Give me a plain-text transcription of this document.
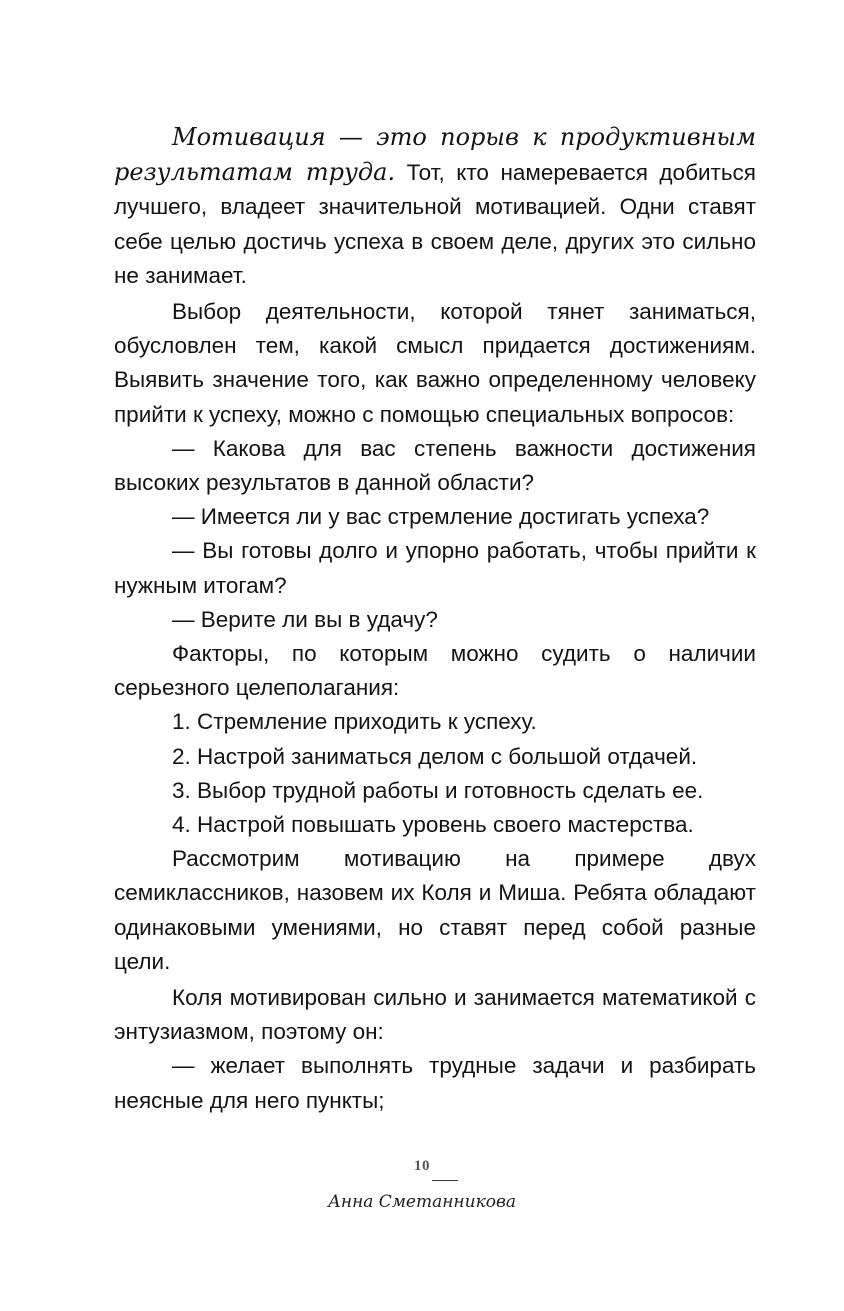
Мотивация — это порыв к продуктивным результатам труда. Тот, кто намеревается добиться лучшего, владеет значительной мотивацией. Одни ставят себе целью достичь успеха в своем деле, других это сильно не занимает.

Выбор деятельности, которой тянет заниматься, обусловлен тем, какой смысл придается достижениям. Выявить значение того, как важно определенному человеку прийти к успеху, можно с помощью специальных вопросов:

— Какова для вас степень важности достижения высоких результатов в данной области?

— Имеется ли у вас стремление достигать успеха?

— Вы готовы долго и упорно работать, чтобы прийти к нужным итогам?

— Верите ли вы в удачу?

Факторы, по которым можно судить о наличии серьезного целеполагания:

1. Стремление приходить к успеху.

2. Настрой заниматься делом с большой отдачей.

3. Выбор трудной работы и готовность сделать ее.

4. Настрой повышать уровень своего мастерства.

Рассмотрим мотивацию на примере двух семиклассников, назовем их Коля и Миша. Ребята обладают одинаковыми умениями, но ставят перед собой разные цели.

Коля мотивирован сильно и занимается математикой с энтузиазмом, поэтому он:

— желает выполнять трудные задачи и разбирать неясные для него пункты;

10
Анна Сметанникова
